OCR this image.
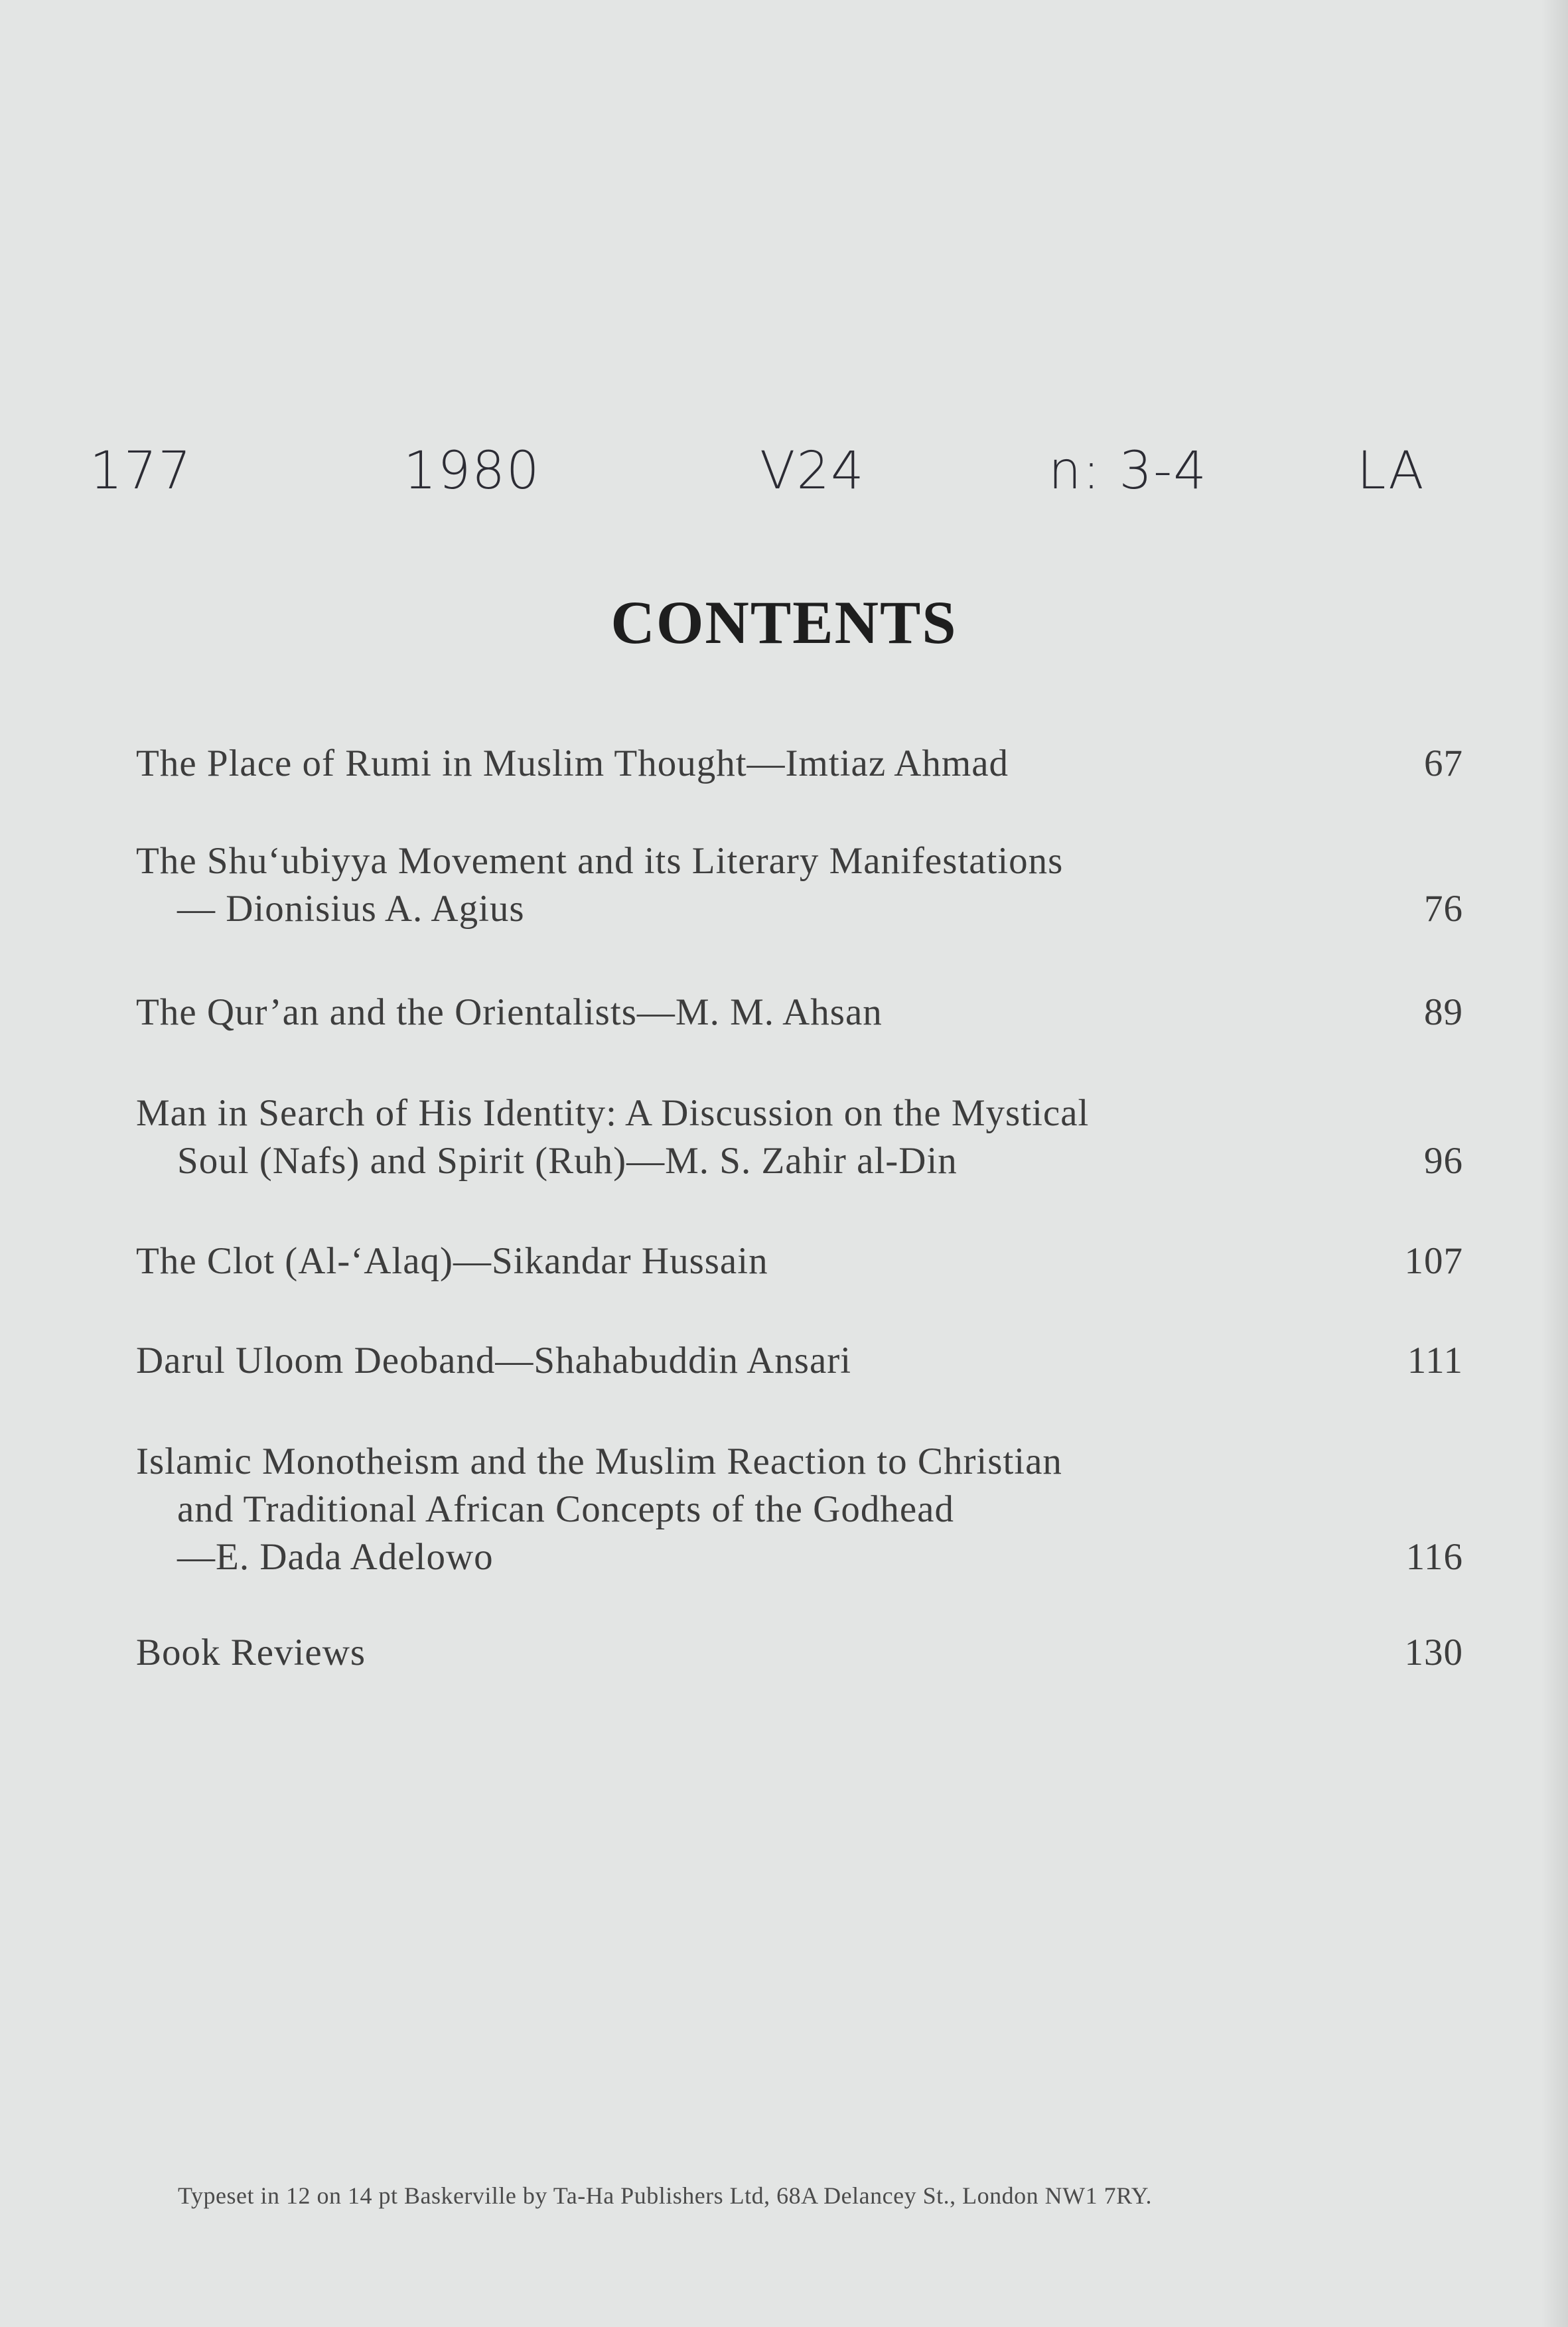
177	1980	V24	n: 3-4	LA
CONTENTS
The Place of Rumi in Muslim Thought—Imtiaz Ahmad	67
The Shu‘ubiyya Movement and its Literary Manifestations
— Dionisius A. Agius	76
The Qur’an and the Orientalists—M. M. Ahsan	89
Man in Search of His Identity: A Discussion on the Mystical
Soul (Nafs) and Spirit (Ruh)—M. S. Zahir al-Din	96
The Clot (Al-‘Alaq)—Sikandar Hussain	107
Darul Uloom Deoband—Shahabuddin Ansari	111
Islamic Monotheism and the Muslim Reaction to Christian
and Traditional African Concepts of the Godhead
—E. Dada Adelowo	116
Book Reviews	130
Typeset in 12 on 14 pt Baskerville by Ta-Ha Publishers Ltd, 68A Delancey St., London NW1 7RY.
